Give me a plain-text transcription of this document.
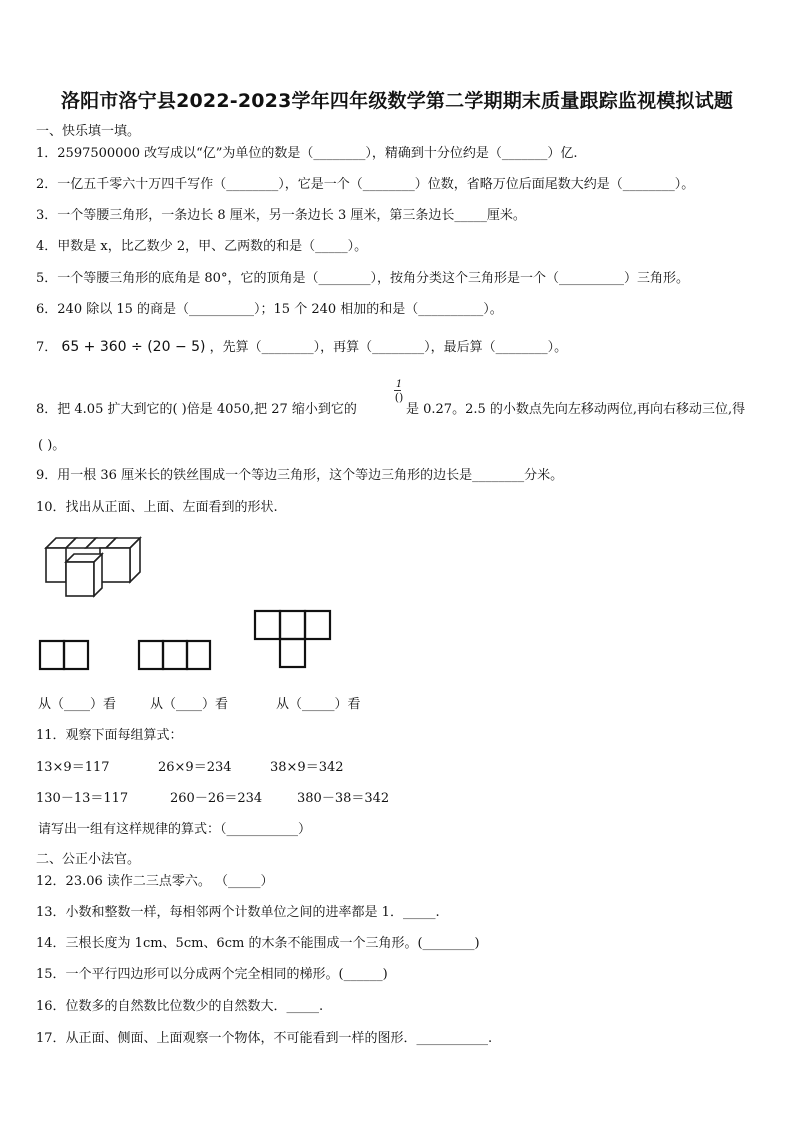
洛阳市洛宁县2022-2023学年四年级数学第二学期期末质量跟踪监视模拟试题
一、快乐填一填。
1．2597500000 改写成以“亿”为单位的数是（________），精确到十分位约是（_______）亿.
2．一亿五千零六十万四千写作（________），它是一个（________）位数，省略万位后面尾数大约是（________）。
3．一个等腰三角形，一条边长 8 厘米，另一条边长 3 厘米，第三条边长_____厘米。
4．甲数是 x，比乙数少 2，甲、乙两数的和是（_____）。
5．一个等腰三角形的底角是 80°，它的顶角是（________），按角分类这个三角形是一个（__________）三角形。
6．240 除以 15 的商是（__________）；15 个 240 相加的和是（__________）。
7． 65 + 360 ÷ (20 − 5) ，先算（________），再算（________），最后算（________）。
8．把 4.05 扩大到它的( )倍是 4050,把 27 缩小到它的
1
()
是 0.27。2.5 的小数点先向左移动两位,再向右移动三位,得
( )。
9．用一根 36 厘米长的铁丝围成一个等边三角形，这个等边三角形的边长是________分米。
10．找出从正面、上面、左面看到的形状.
从（____）看	从（____）看	从（_____）看
11．观察下面每组算式：
13×9＝117	26×9＝234	38×9＝342
130－13＝117	260－26＝234	380－38＝342
请写出一组有这样规律的算式：（___________）
二、公正小法官。
12．23.06 读作二三点零六。 （_____）
13．小数和整数一样，每相邻两个计数单位之间的进率都是 1．_____.
14．三根长度为 1cm、5cm、6cm 的木条不能围成一个三角形。(________)
15．一个平行四边形可以分成两个完全相同的梯形。(______)
16．位数多的自然数比位数少的自然数大．_____.
17．从正面、侧面、上面观察一个物体，不可能看到一样的图形．___________.
